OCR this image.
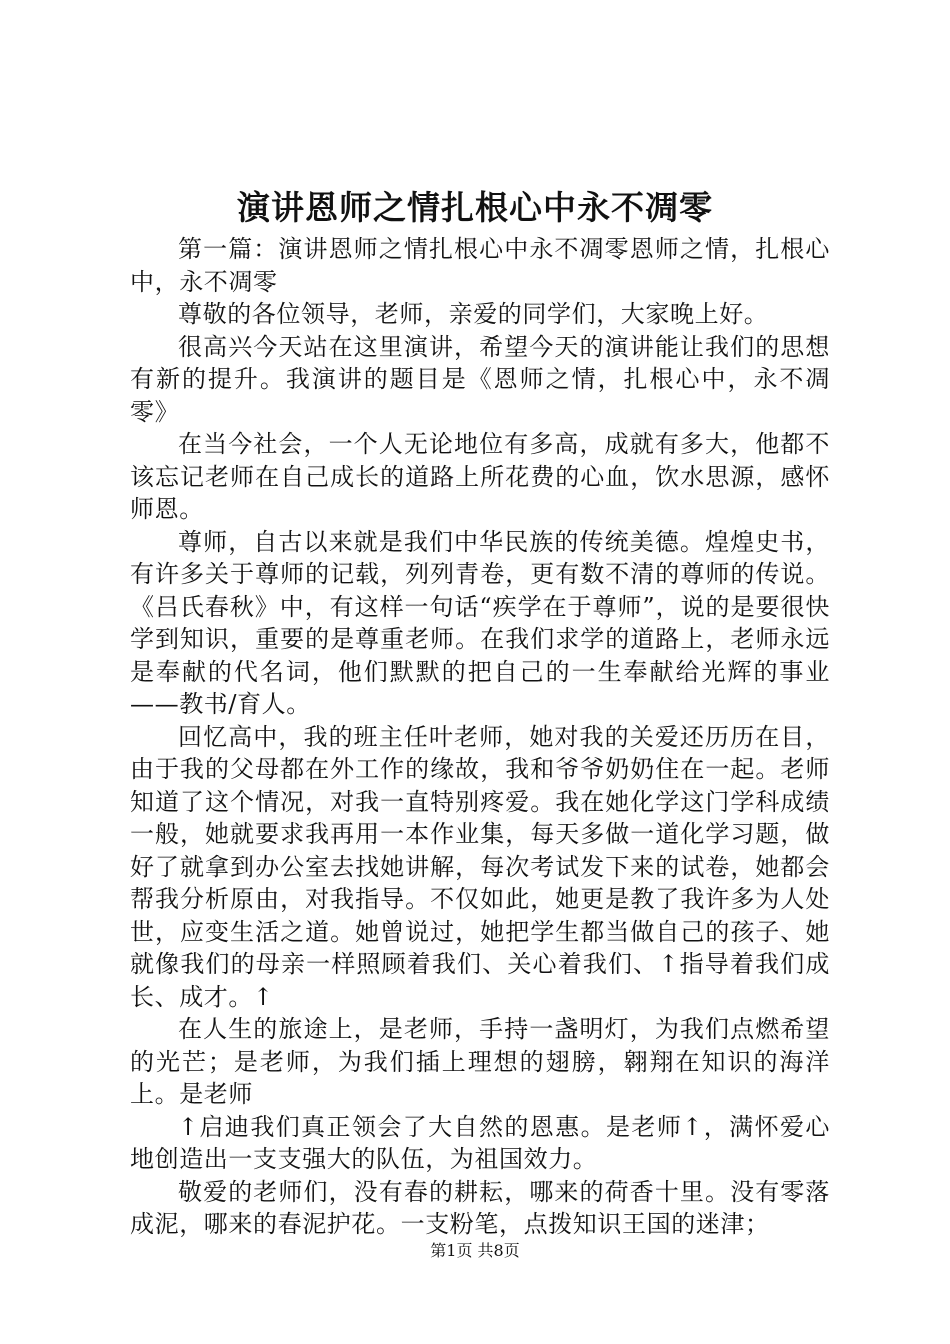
演讲恩师之情扎根心中永不凋零

第一篇：演讲恩师之情扎根心中永不凋零恩师之情，扎根心中，永不凋零

尊敬的各位领导，老师，亲爱的同学们，大家晚上好。

很高兴今天站在这里演讲，希望今天的演讲能让我们的思想有新的提升。我演讲的题目是《恩师之情，扎根心中，永不凋零》

在当今社会，一个人无论地位有多高，成就有多大，他都不该忘记老师在自己成长的道路上所花费的心血，饮水思源，感怀师恩。

尊师，自古以来就是我们中华民族的传统美德。煌煌史书，有许多关于尊师的记载，列列青卷，更有数不清的尊师的传说。《吕氏春秋》中，有这样一句话“疾学在于尊师”，说的是要很快学到知识，重要的是尊重老师。在我们求学的道路上，老师永远是奉献的代名词，他们默默的把自己的一生奉献给光辉的事业——教书/育人。

回忆高中，我的班主任叶老师，她对我的关爱还历历在目，由于我的父母都在外工作的缘故，我和爷爷奶奶住在一起。老师知道了这个情况，对我一直特别疼爱。我在她化学这门学科成绩一般，她就要求我再用一本作业集，每天多做一道化学习题，做好了就拿到办公室去找她讲解，每次考试发下来的试卷，她都会帮我分析原由，对我指导。不仅如此，她更是教了我许多为人处世，应变生活之道。她曾说过，她把学生都当做自己的孩子、她就像我们的母亲一样照顾着我们、关心着我们、↑指导着我们成长、成才。↑

在人生的旅途上，是老师，手持一盏明灯，为我们点燃希望的光芒；是老师，为我们插上理想的翅膀，翱翔在知识的海洋上。是老师

↑启迪我们真正领会了大自然的恩惠。是老师↑，满怀爱心地创造出一支支强大的队伍，为祖国效力。

敬爱的老师们，没有春的耕耘，哪来的荷香十里。没有零落成泥，哪来的春泥护花。一支粉笔，点拨知识王国的迷津；

第1页 共8页
